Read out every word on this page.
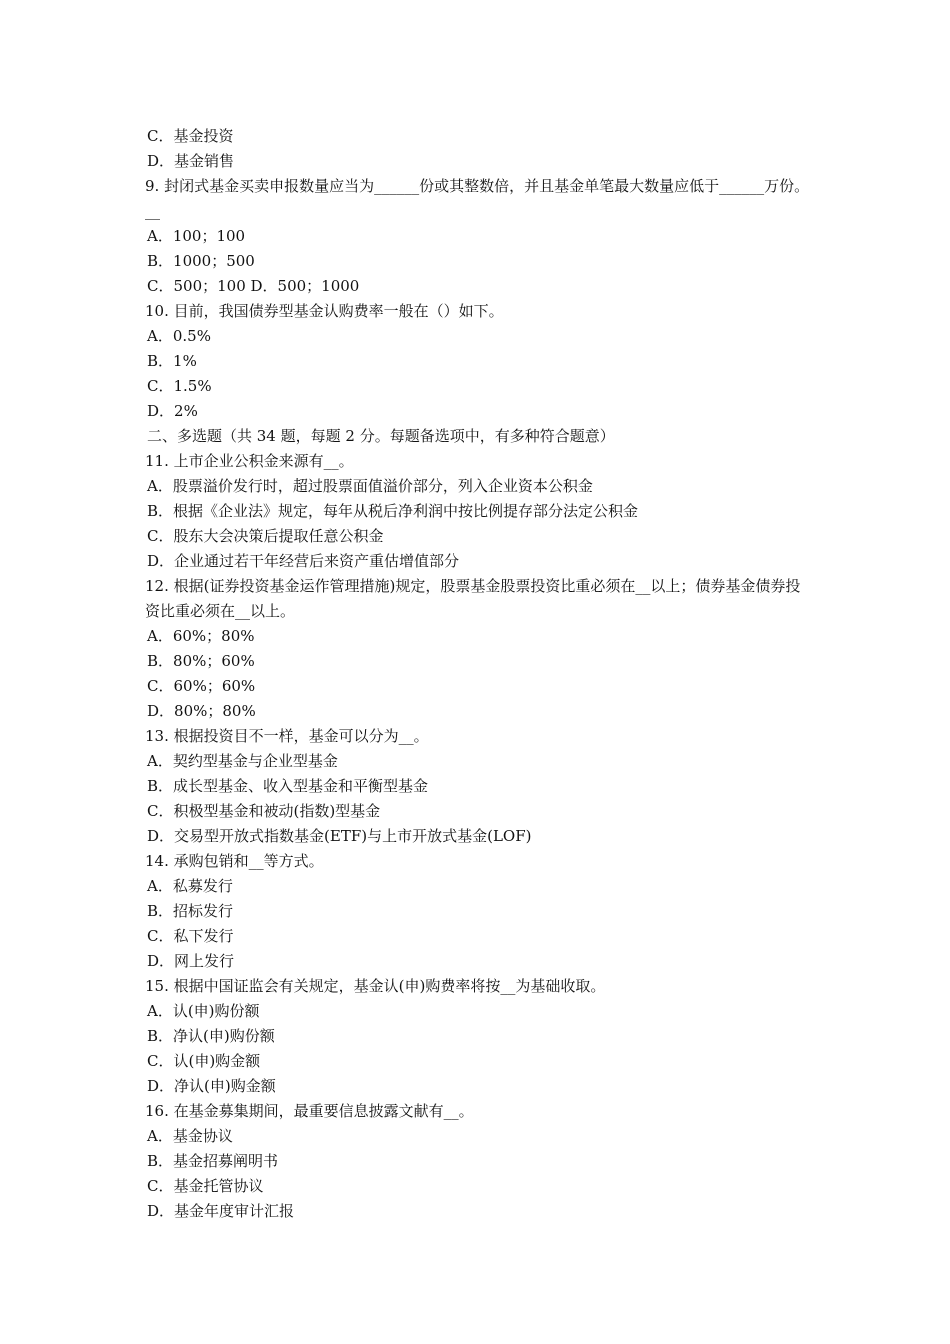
C．基金投资
D．基金销售
9. 封闭式基金买卖申报数量应当为______份或其整数倍，并且基金单笔最大数量应低于______万份。__
A．100；100
B．1000；500
C．500；100 D．500；1000
10. 目前，我国债券型基金认购费率一般在（）如下。
A．0.5%
B．1%
C．1.5%
D．2%
二、多选题（共 34 题，每题 2 分。每题备选项中，有多种符合题意）
11. 上市企业公积金来源有__。
A．股票溢价发行时，超过股票面值溢价部分，列入企业资本公积金
B．根据《企业法》规定，每年从税后净利润中按比例提存部分法定公积金
C．股东大会决策后提取任意公积金
D．企业通过若干年经营后来资产重估增值部分
12. 根据(证券投资基金运作管理措施)规定，股票基金股票投资比重必须在__以上；债券基金债券投资比重必须在__以上。
A．60%；80%
B．80%；60%
C．60%；60%
D．80%；80%
13. 根据投资目不一样，基金可以分为__。
A．契约型基金与企业型基金
B．成长型基金、收入型基金和平衡型基金
C．积极型基金和被动(指数)型基金
D．交易型开放式指数基金(ETF)与上市开放式基金(LOF)
14. 承购包销和__等方式。
A．私募发行
B．招标发行
C．私下发行
D．网上发行
15. 根据中国证监会有关规定，基金认(申)购费率将按__为基础收取。
A．认(申)购份额
B．净认(申)购份额
C．认(申)购金额
D．净认(申)购金额
16. 在基金募集期间，最重要信息披露文献有__。
A．基金协议
B．基金招募阐明书
C．基金托管协议
D．基金年度审计汇报
